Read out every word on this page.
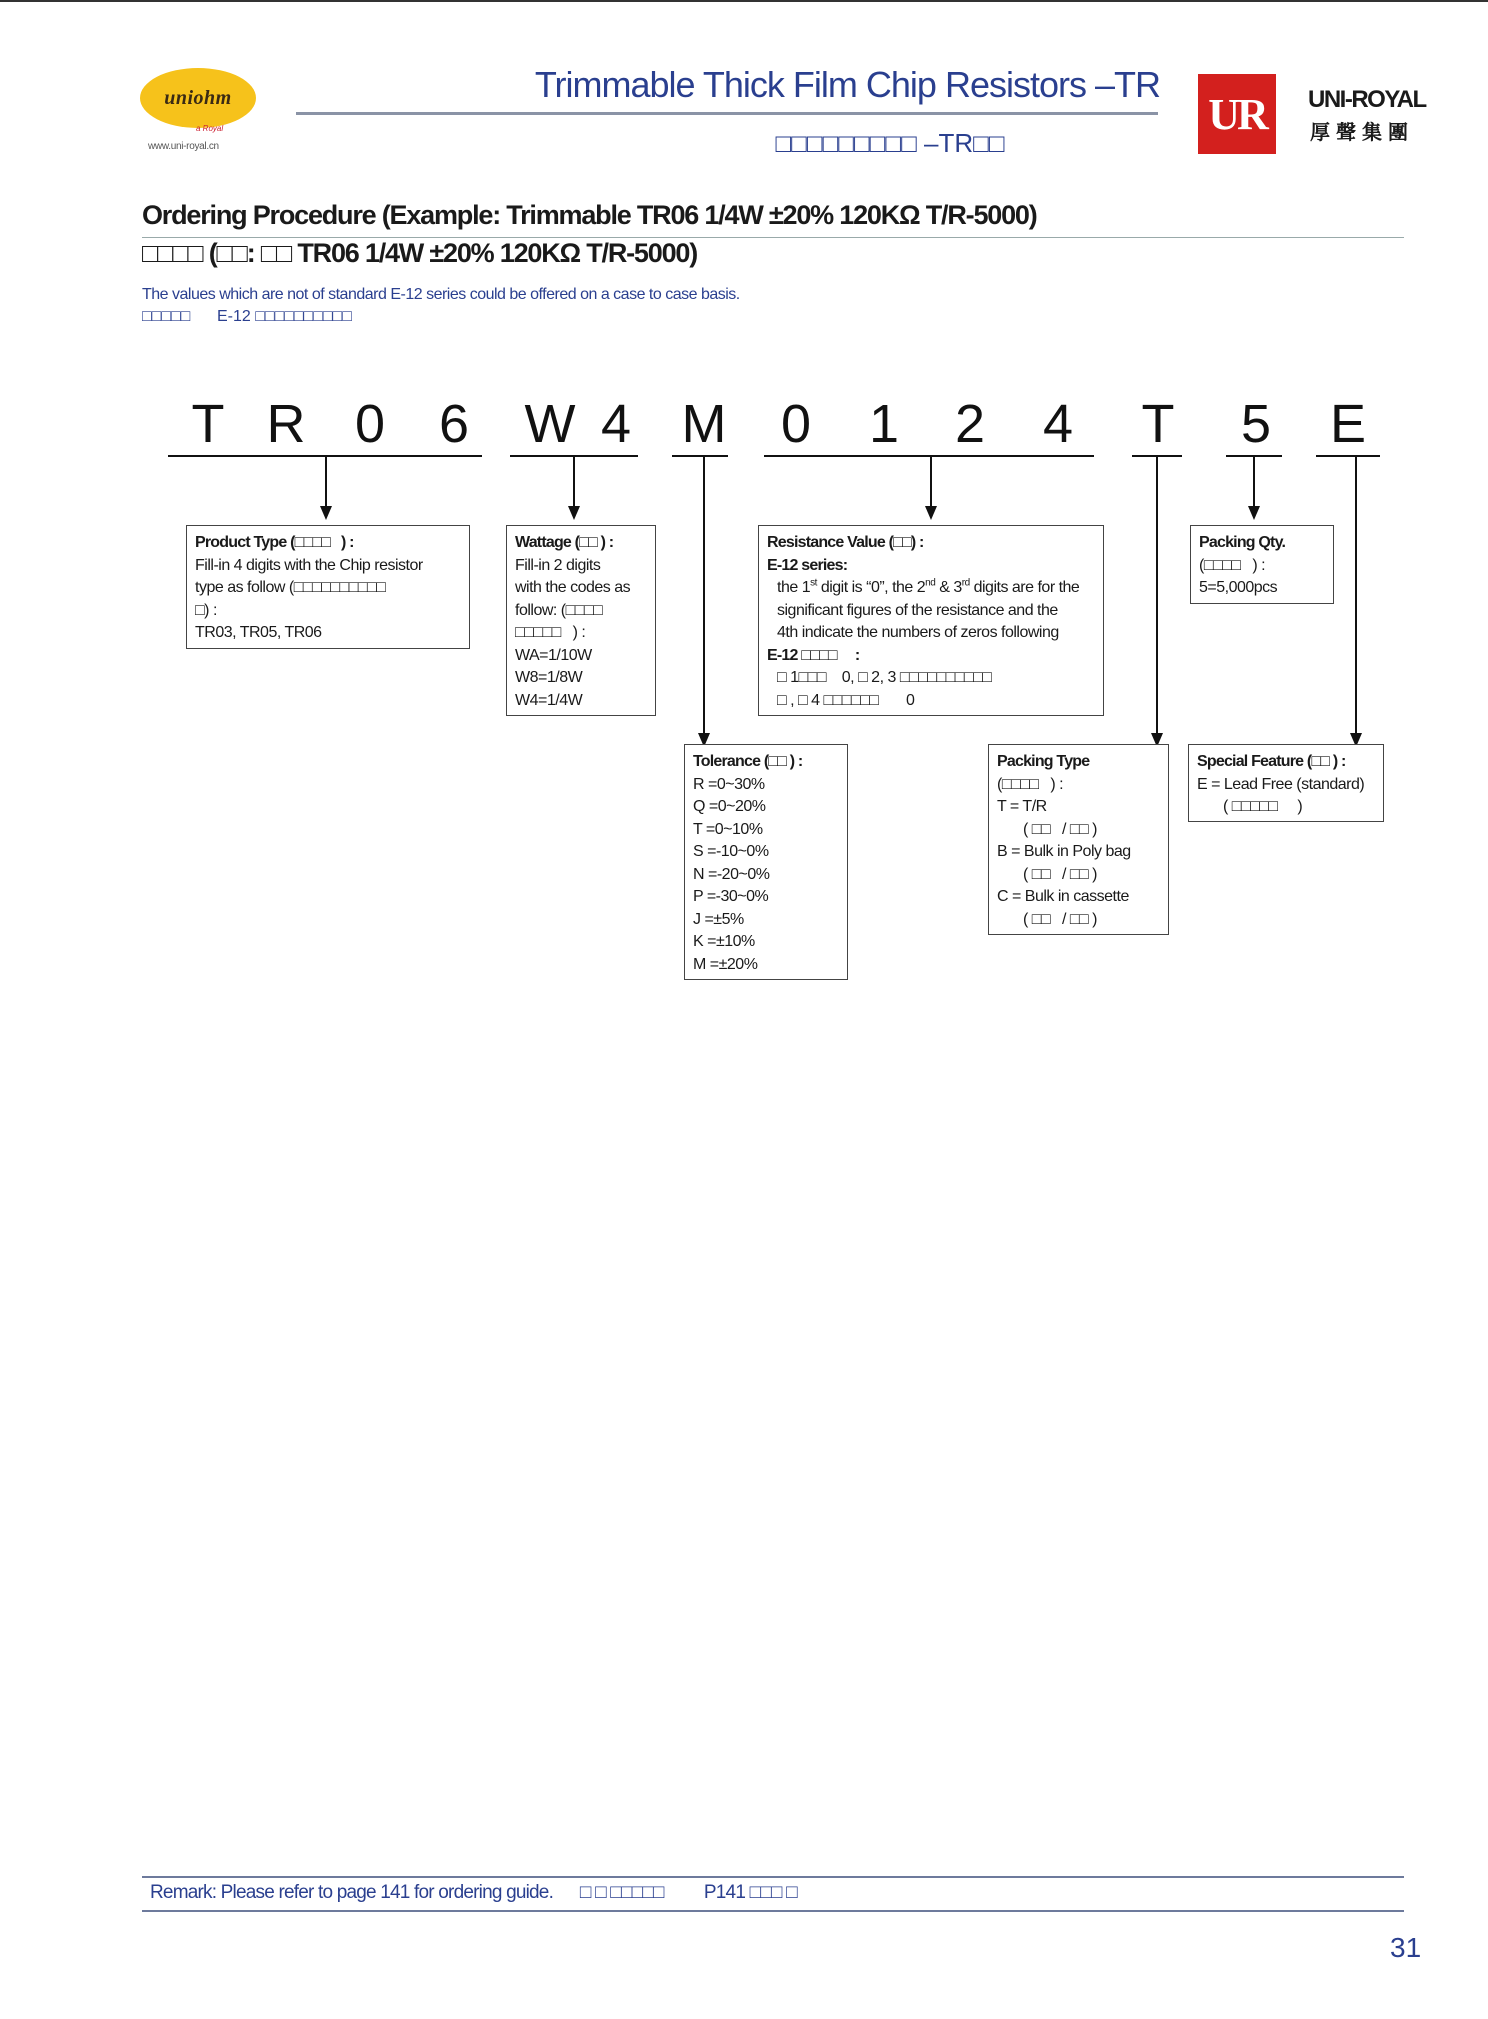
uniohm
a Royal
www.uni-royal.cn
Trimmable Thick Film Chip Resistors –TR
□□□□□□□□□ –TR□□
UR UNI-ROYAL
厚聲集團
Ordering Procedure (Example: Trimmable TR06 1/4W ±20% 120KΩ T/R-5000)
□□□□ (□□: □□ TR06 1/4W ±20% 120KΩ T/R-5000)
The values which are not of standard E-12 series could be offered on a case to case basis.
□□□□□      E-12 □□□□□□□□□□
T R 0 6 W 4 M 0 1 2 4 T 5 E
Product Type (□□□□   ) :
Fill-in 4 digits with the Chip resistor
type as follow (□□□□□□□□□□
□) :
TR03, TR05, TR06
Wattage (□□ ) :
Fill-in 2 digits
with the codes as
follow: (□□□□
□□□□□   ) :
WA=1/10W
W8=1/8W
W4=1/4W
Resistance Value (□□) :
E-12 series:
the 1st digit is “0”, the 2nd & 3rd digits are for the
significant figures of the resistance and the
4th indicate the numbers of zeros following
E-12 □□□□     :
□ 1□□□    0, □ 2, 3 □□□□□□□□□□
□ , □ 4 □□□□□□       0
Packing Qty.
(□□□□   ) :
5=5,000pcs
Tolerance (□□ ) :
R =0~30%
Q =0~20%
T =0~10%
S =-10~0%
N =-20~0%
P =-30~0%
J =±5%
K =±10%
M =±20%
Packing Type
(□□□□   ) :
T = T/R
( □□   / □□ )
B = Bulk in Poly bag
( □□   / □□ )
C = Bulk in cassette
( □□   / □□ )
Special Feature (□□ ) :
E = Lead Free (standard)
( □□□□□     )
Remark: Please refer to page 141 for ordering guide.      □ □ □□□□□         P141 □□□ □
31
